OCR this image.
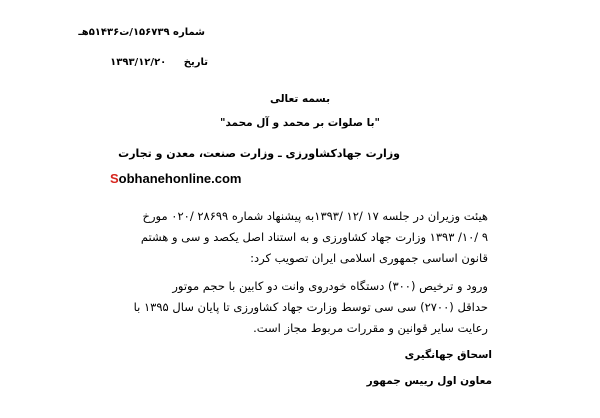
شماره ۱۵۶۷۳۹/ت۵۱۴۳۶هـ
تاریخ ۱۳۹۳/۱۲/۲۰
بسمه تعالی
"با صلوات بر محمد و آل محمد"
وزارت جهادکشاورزی ـ وزارت صنعت، معدن و تجارت
Sobhanehonline.com
هیئت وزیران در جلسه ۱۷ /۱۲ /۱۳۹۳به پیشنهاد شماره ۲۸۶۹۹ /۰۲۰ مورخ
۹ /۱۰/ ۱۳۹۳ وزارت جهاد کشاورزی و به استناد اصل یکصد و سی و هشتم
قانون اساسی جمهوری اسلامی ایران تصویب کرد:
ورود و ترخیص (۳۰۰) دستگاه خودروی وانت دو کابین با حجم موتور
حداقل (۲۷۰۰) سی سی توسط وزارت جهاد کشاورزی تا پایان سال ۱۳۹۵ با
رعایت سایر قوانین و مقررات مربوط مجاز است.
اسحاق جهانگیری
معاون اول رییس جمهور
